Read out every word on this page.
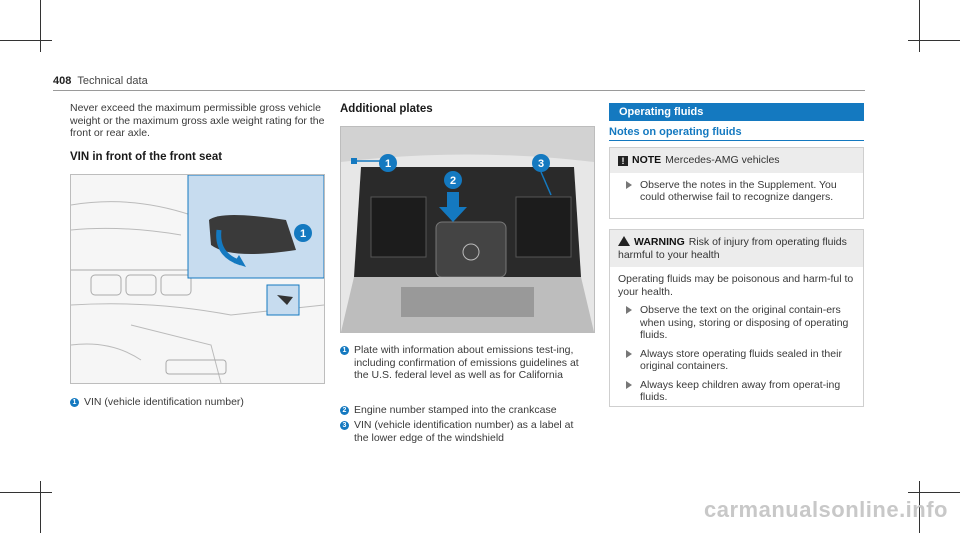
408 Technical data
Never exceed the maximum permissible gross vehicle weight or the maximum gross axle weight rating for the front or rear axle.
VIN in front of the front seat
1
1 VIN (vehicle identification number)
Additional plates
1	3
2
1 Plate with information about emissions test-ing, including confirmation of emissions guidelines at the U.S. federal level as well as for California
2 Engine number stamped into the crankcase
3 VIN (vehicle identification number) as a label at the lower edge of the windshield
Operating fluids
Notes on operating fluids
! NOTE Mercedes-AMG vehicles
Observe the notes in the Supplement. You could otherwise fail to recognize dangers.
WARNING Risk of injury from operating fluids harmful to your health
Operating fluids may be poisonous and harm-ful to your health.
Observe the text on the original contain-ers when using, storing or disposing of operating fluids.
Always store operating fluids sealed in their original containers.
Always keep children away from operat-ing fluids.
carmanualsonline.info
